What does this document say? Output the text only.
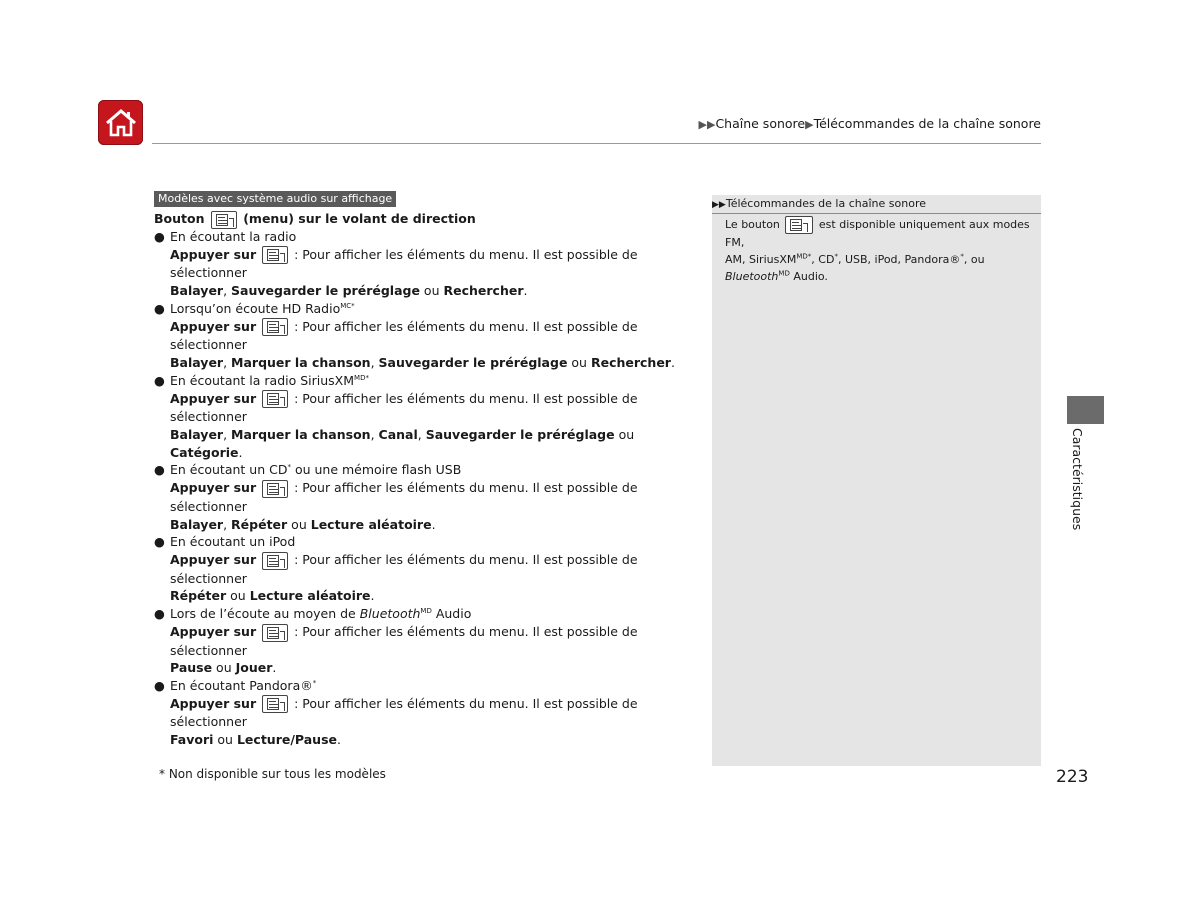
▶▶Chaîne sonore▶Télécommandes de la chaîne sonore
Modèles avec système audio sur affichage
Bouton	(menu) sur le volant de direction
● En écoutant la radio
Appuyer sur	: Pour afficher les éléments du menu. Il est possible de sélectionner
Balayer, Sauvegarder le préréglage ou Rechercher.
● Lorsqu’on écoute HD Radio$^{MC*}$
Appuyer sur	: Pour afficher les éléments du menu. Il est possible de sélectionner
Balayer, Marquer la chanson, Sauvegarder le préréglage ou Rechercher.
● En écoutant la radio SiriusXM$^{MD*}$
Appuyer sur	: Pour afficher les éléments du menu. Il est possible de sélectionner
Balayer, Marquer la chanson, Canal, Sauvegarder le préréglage ou Catégorie.
● En écoutant un CD* ou une mémoire flash USB
Appuyer sur	: Pour afficher les éléments du menu. Il est possible de sélectionner
Balayer, Répéter ou Lecture aléatoire.
● En écoutant un iPod
Appuyer sur	: Pour afficher les éléments du menu. Il est possible de sélectionner
Répéter ou Lecture aléatoire.
● Lors de l’écoute au moyen de Bluetooth$^{MD}$ Audio
Appuyer sur	: Pour afficher les éléments du menu. Il est possible de sélectionner
Pause ou Jouer.
● En écoutant Pandora®*
Appuyer sur	: Pour afficher les éléments du menu. Il est possible de sélectionner
Favori ou Lecture/Pause.
▶▶Télécommandes de la chaîne sonore
Le bouton	est disponible uniquement aux modes FM,
AM, SiriusXM$^{MD*}$, CD*, USB, iPod, Pandora®*, ou
Bluetooth$^{MD}$ Audio.
Caractéristiques
* Non disponible sur tous les modèles	223
